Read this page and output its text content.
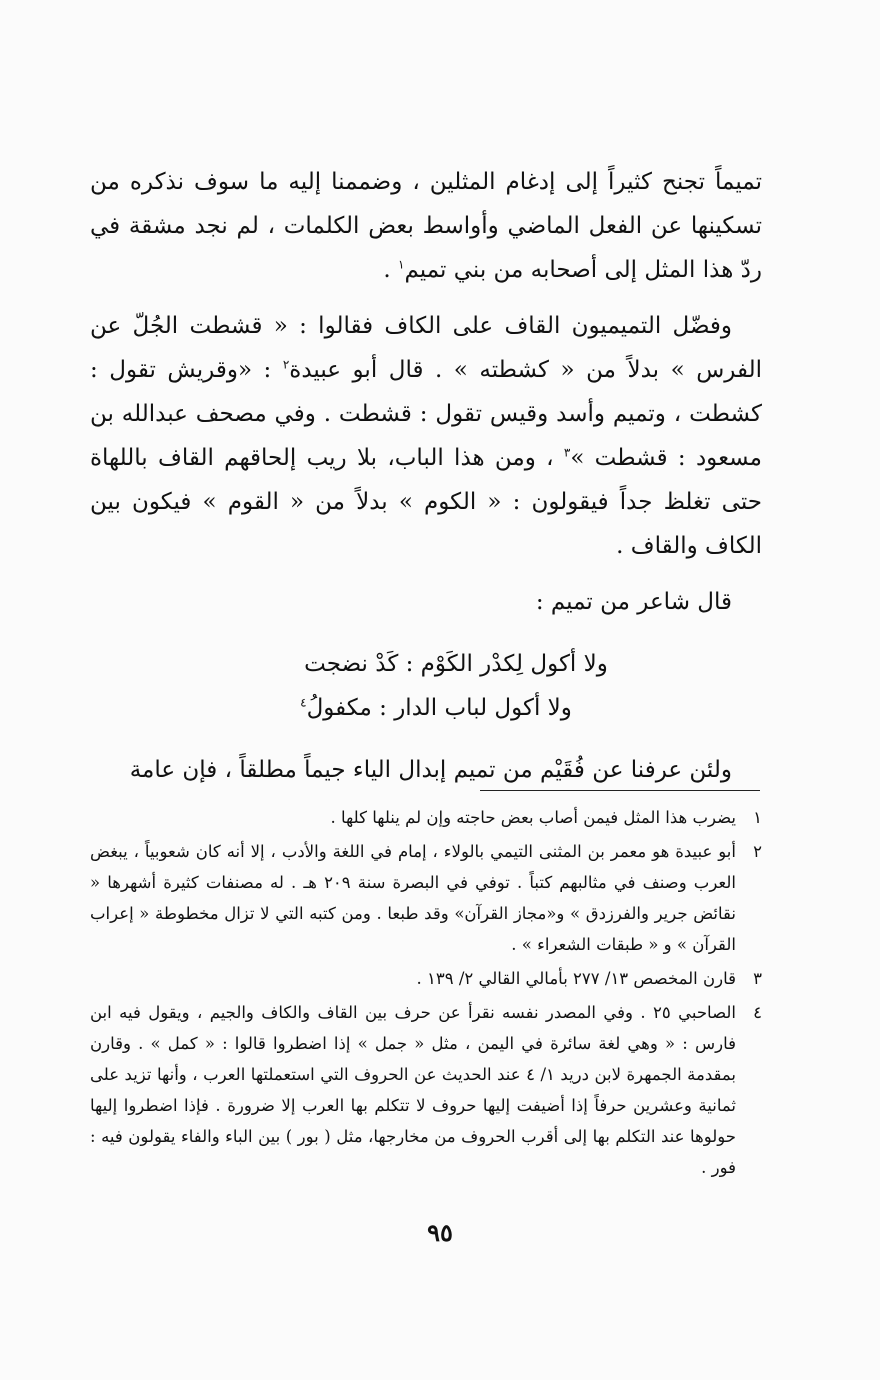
تميماً تجنح كثيراً إلى إدغام المثلين ، وضممنا إليه ما سوف نذكره من تسكينها عن الفعل الماضي وأواسط بعض الكلمات ، لم نجد مشقة في ردّ هذا المثل إلى أصحابه من بني تميم$^١$ .

وفضّل التميميون القاف على الكاف فقالوا : « قشطت الجُلّ عن الفرس » بدلاً من « كشطته » . قال أبو عبيدة$^٢$ : «وقريش تقول : كشطت ، وتميم وأسد وقيس تقول : قشطت . وفي مصحف عبدالله بن مسعود : قشطت »$^٣$ ، ومن هذا الباب، بلا ريب إلحاقهم القاف باللهاة حتى تغلظ جداً فيقولون : « الكوم » بدلاً من « القوم » فيكون بين الكاف والقاف .

قال شاعر من تميم :

ولا أكول لِكدْر الكَوْم : كَدْ نضجت
ولا أكول لباب الدار : مكفولُ$^٤$

ولئن عرفنا عن فُقَيْم من تميم إبدال الياء جيماً مطلقاً ، فإن عامة

١
يضرب هذا المثل فيمن أصاب بعض حاجته وإن لم ينلها كلها .
٢
أبو عبيدة هو معمر بن المثنى التيمي بالولاء ، إمام في اللغة والأدب ، إلا أنه كان شعوبياً ، يبغض العرب وصنف في مثالبهم كتباً . توفي في البصرة سنة ٢٠٩ هـ . له مصنفات كثيرة أشهرها « نقائض جرير والفرزدق » و«مجاز القرآن» وقد طبعا . ومن كتبه التي لا تزال مخطوطة « إعراب القرآن » و « طبقات الشعراء » .
٣
قارن المخصص ١٣/ ٢٧٧ بأمالي القالي ٢/ ١٣٩ .
٤
الصاحبي ٢٥ . وفي المصدر نفسه نقرأ عن حرف بين القاف والكاف والجيم ، ويقول فيه ابن فارس : « وهي لغة سائرة في اليمن ، مثل « جمل » إذا اضطروا قالوا : « كمل » . وقارن بمقدمة الجمهرة لابن دريد ١/ ٤ عند الحديث عن الحروف التي استعملتها العرب ، وأنها تزيد على ثمانية وعشرين حرفاً إذا أضيفت إليها حروف لا تتكلم بها العرب إلا ضرورة . فإذا اضطروا إليها حولوها عند التكلم بها إلى أقرب الحروف من مخارجها، مثل ( بور ) بين الباء والفاء يقولون فيه : فور .
٩٥
